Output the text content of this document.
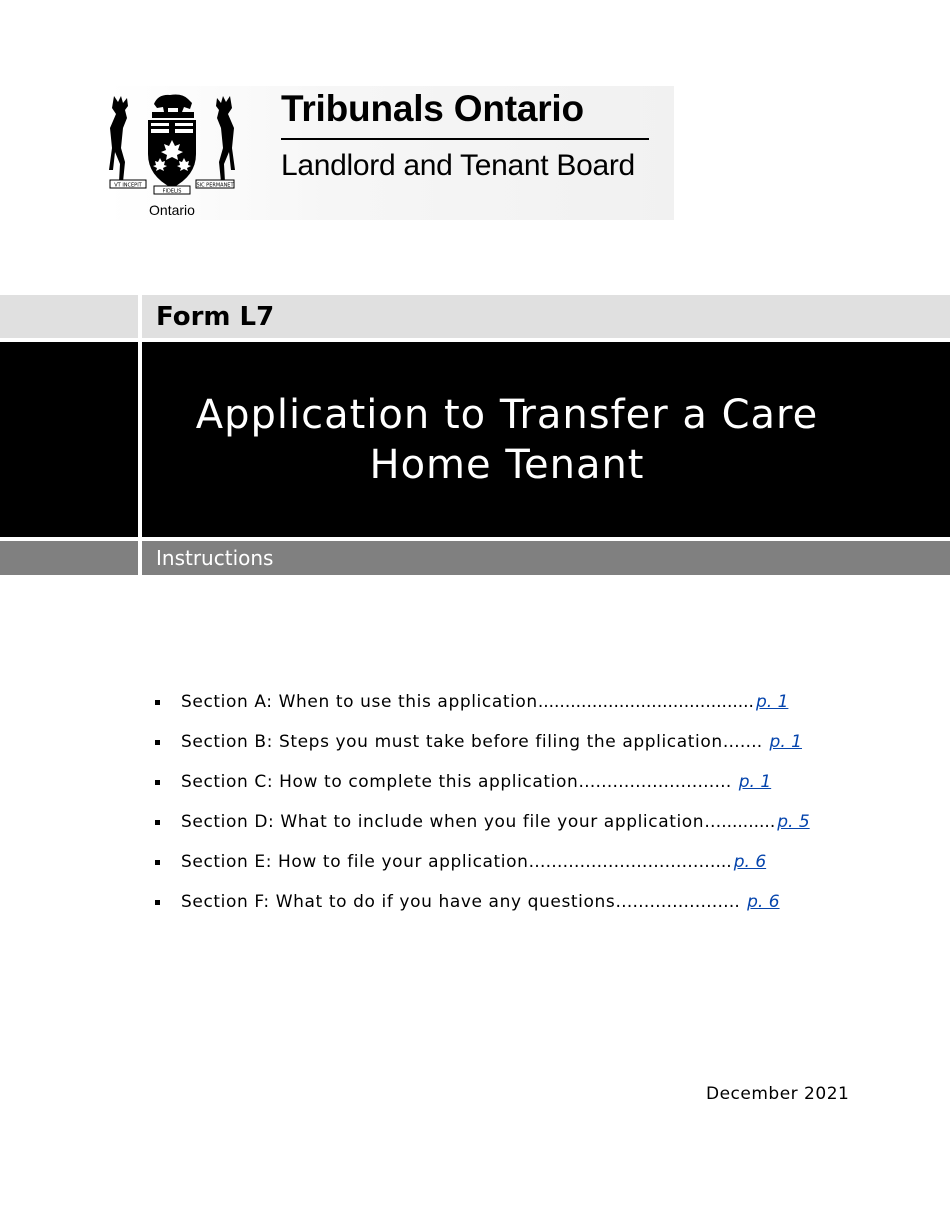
VT INCEPIT
FIDELIS
SIC PERMANET
Ontario
Tribunals Ontario
Landlord and Tenant Board
Form L7
Application to Transfer a Care
Home Tenant
Instructions
Section A: When to use this application........................................ p. 1
Section B: Steps you must take before filing the application……. p. 1
Section C: How to complete this application……………………… p. 1
Section D: What to include when you file your application….......... p. 5
Section E: How to file your application……………………………... p. 6
Section F: What to do if you have any questions…………………. p. 6
December 2021
